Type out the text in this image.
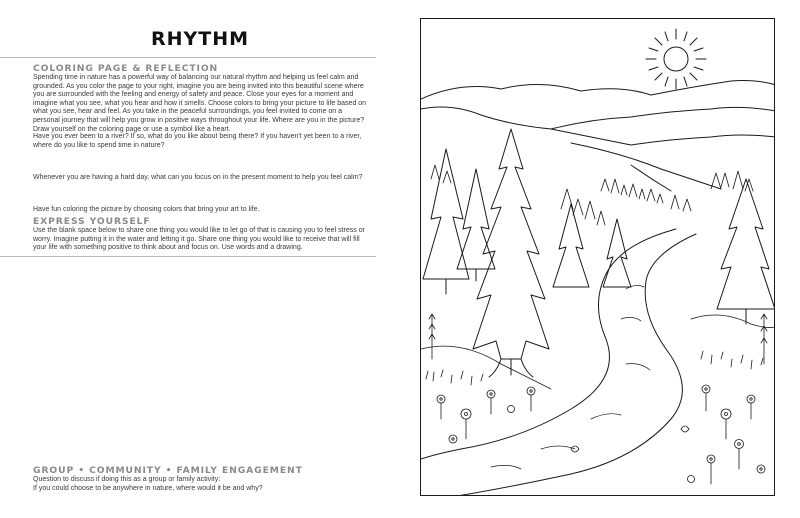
RHYTHM
COLORING PAGE & REFLECTION

Spending time in nature has a powerful way of balancing our natural rhythm and helping us feel calm and grounded. As you color the page to your right, imagine you are being invited into this beautiful scene where you are surrounded with the feeling and energy of safety and peace. Close your eyes for a moment and imagine what you see, what you hear and how it smells. Choose colors to bring your picture to life based on what you see, hear and feel. As you take in the peaceful surroundings, you feel invited to come on a personal journey that will help you grow in positive ways throughout your life. Where are you in the picture? Draw yourself on the coloring page or use a symbol like a heart.

Have you ever been to a river? If so, what do you like about being there? If you haven't yet been to a river, where do you like to spend time in nature?

Whenever you are having a hard day, what can you focus on in the present moment to help you feel calm?

Have fun coloring the picture by choosing colors that bring your art to life.

EXPRESS YOURSELF

Use the blank space below to share one thing you would like to let go of that is causing you to feel stress or worry. Imagine putting it in the water and letting it go. Share one thing you would like to receive that will fill your life with something positive to think about and focus on. Use words and a drawing.

GROUP • COMMUNITY • FAMILY ENGAGEMENT

Question to discuss if doing this as a group or family activity:

If you could choose to be anywhere in nature, where would it be and why?
